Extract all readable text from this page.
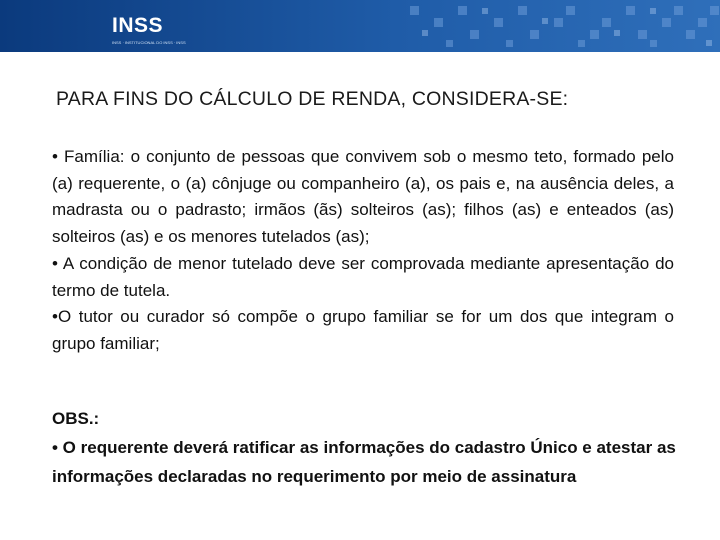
INSS
INSS · INSTITUCIONAL DO INSS · INSS
PARA FINS DO CÁLCULO DE RENDA, CONSIDERA-SE:

• Família: o conjunto de pessoas que convivem sob o mesmo teto, formado pelo (a) requerente, o (a) cônjuge ou companheiro (a), os pais e, na ausência deles, a madrasta ou o padrasto; irmãos (ãs) solteiros (as); filhos (as) e enteados (as) solteiros (as) e os menores tutelados (as);

• A condição de menor tutelado deve ser comprovada mediante apresentação do termo de tutela.

•O tutor ou curador só compõe o grupo familiar se for um dos que integram o grupo familiar;

OBS.:

• O requerente deverá ratificar as informações do cadastro Único e atestar as informações declaradas no requerimento por meio de assinatura
